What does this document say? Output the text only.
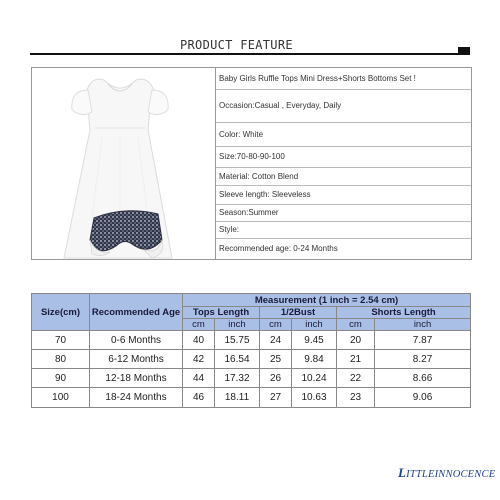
PRODUCT FEATURE
Baby Girls Ruffle Tops Mini Dress+Shorts Bottoms Set !
Occasion:Casual , Everyday, Daily
Color: White
Size:70-80-90-100
Material: Cotton Blend
Sleeve length: Sleeveless
Season:Summer
Style:
Recommended age: 0-24 Months
Size(cm)	Recommended Age	Measurement (1 inch = 2.54 cm)					
		Tops Length		1/2Bust		Shorts Length	
		cm	inch	cm	inch	cm	inch
70	0-6 Months	40	15.75	24	9.45	20	7.87
80	6-12 Months	42	16.54	25	9.84	21	8.27
90	12-18 Months	44	17.32	26	10.24	22	8.66
100	18-24 Months	46	18.11	27	10.63	23	9.06
LITTLEINNOCENCE
